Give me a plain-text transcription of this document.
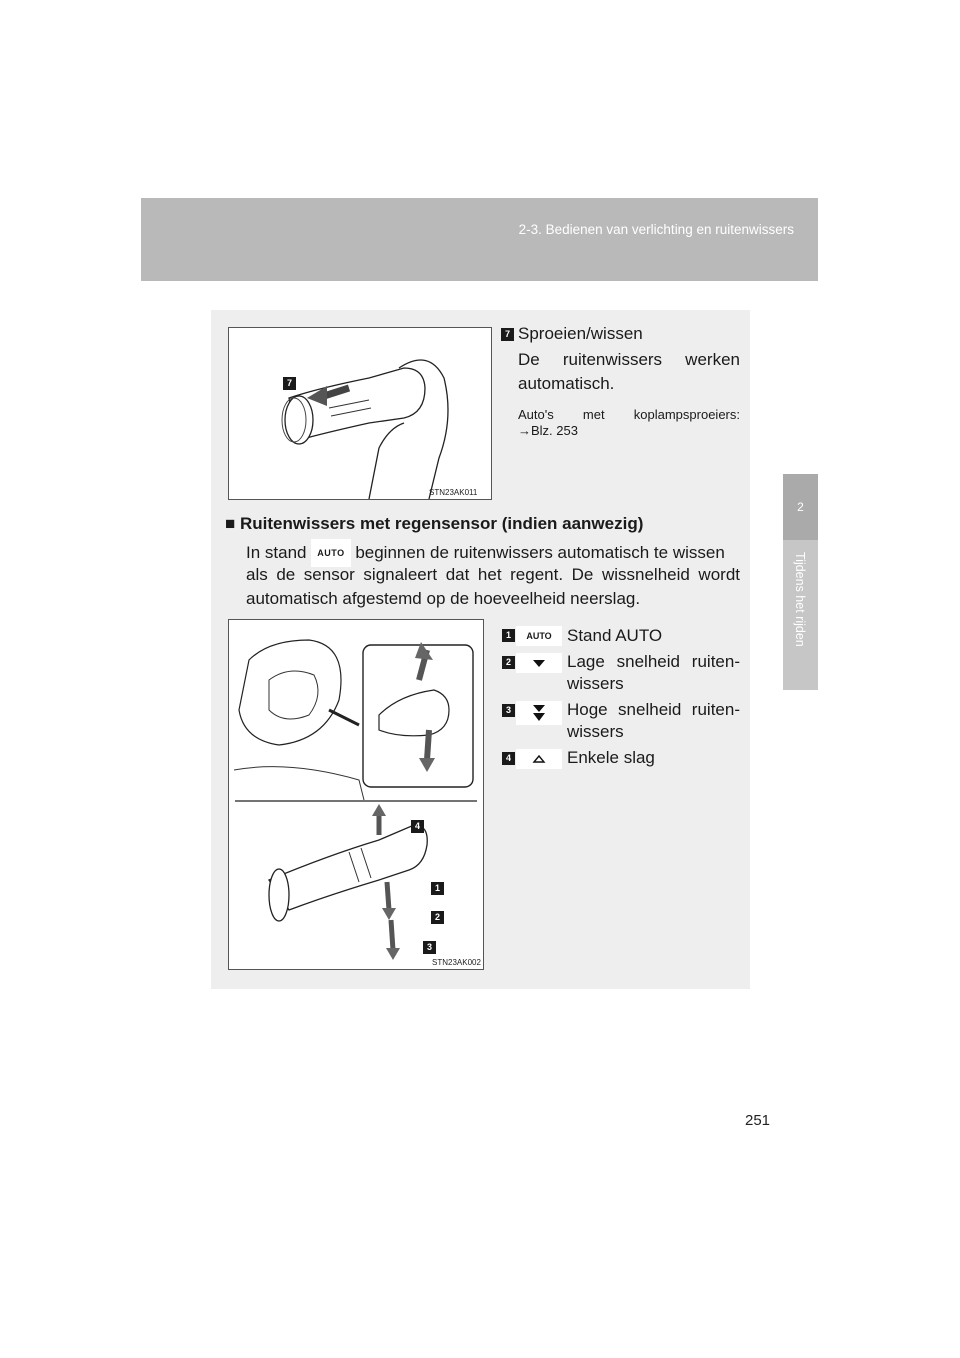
2-3. Bedienen van verlichting en ruitenwissers
2
Tijdens het rijden
7
STN23AK011
7 Sproeien/wissen
De ruitenwissers werken
automatisch.
Auto's met koplampsproeiers:
→Blz. 253
■ Ruitenwissers met regensensor (indien aanwezig)
In stand AUTO beginnen de ruitenwissers automatisch te wissen
als de sensor signaleert dat het regent. De wissnelheid wordt
automatisch afgestemd op de hoeveelheid neerslag.
4
1
2
3
STN23AK002
1	AUTO Stand AUTO
2	Lage snelheid ruiten-
wissers
3	Hoge snelheid ruiten-
wissers
4	Enkele slag
251
